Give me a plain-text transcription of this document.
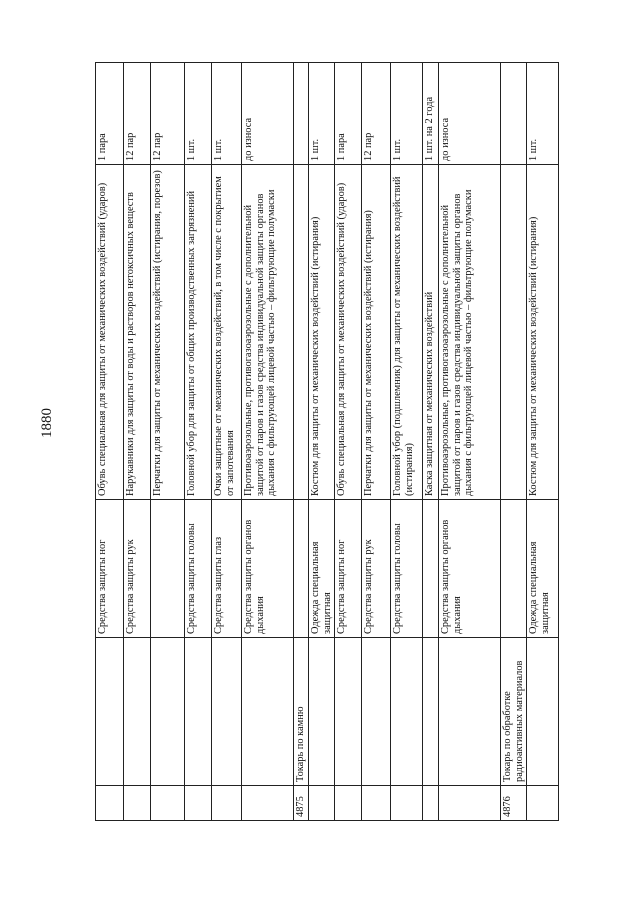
1880
		Средства защиты ног	Обувь специальная для защиты от механических воздействий (ударов)	1 пара
		Средства защиты рук	Нарукавники для защиты от воды и растворов нетоксичных веществ	12 пар
			Перчатки для защиты от механических воздействий (истирания, порезов)	12 пар
		Средства защиты головы	Головной убор для защиты от общих производственных загрязнений	1 шт.
		Средства защиты глаз	Очки защитные от механических воздействий, в том числе с покрытием от запотевания	1 шт.
		Средства защиты органов дыхания	Противоаэрозольные, противогазоаэрозольные с дополнительной защитой от паров и газов средства индивидуальной защиты органов дыхания с фильтрующей лицевой частью – фильтрующие полумаски	до износа
4875	Токарь по камню			
		Одежда специальная защитная	Костюм для защиты от механических воздействий (истирания)	1 шт.
		Средства защиты ног	Обувь специальная для защиты от механических воздействий (ударов)	1 пара
		Средства защиты рук	Перчатки для защиты от механических воздействий (истирания)	12 пар
		Средства защиты головы	Головной убор (подшлемник) для защиты от механических воздействий (истирания)	1 шт.
			Каска защитная от механических воздействий	1 шт. на 2 года
		Средства защиты органов дыхания	Противоаэрозольные, противогазоаэрозольные с дополнительной защитой от паров и газов средства индивидуальной защиты органов дыхания с фильтрующей лицевой частью – фильтрующие полумаски	до износа
4876	Токарь по обработке радиоактивных материалов			
		Одежда специальная защитная	Костюм для защиты от механических воздействий (истирания)	1 шт.
